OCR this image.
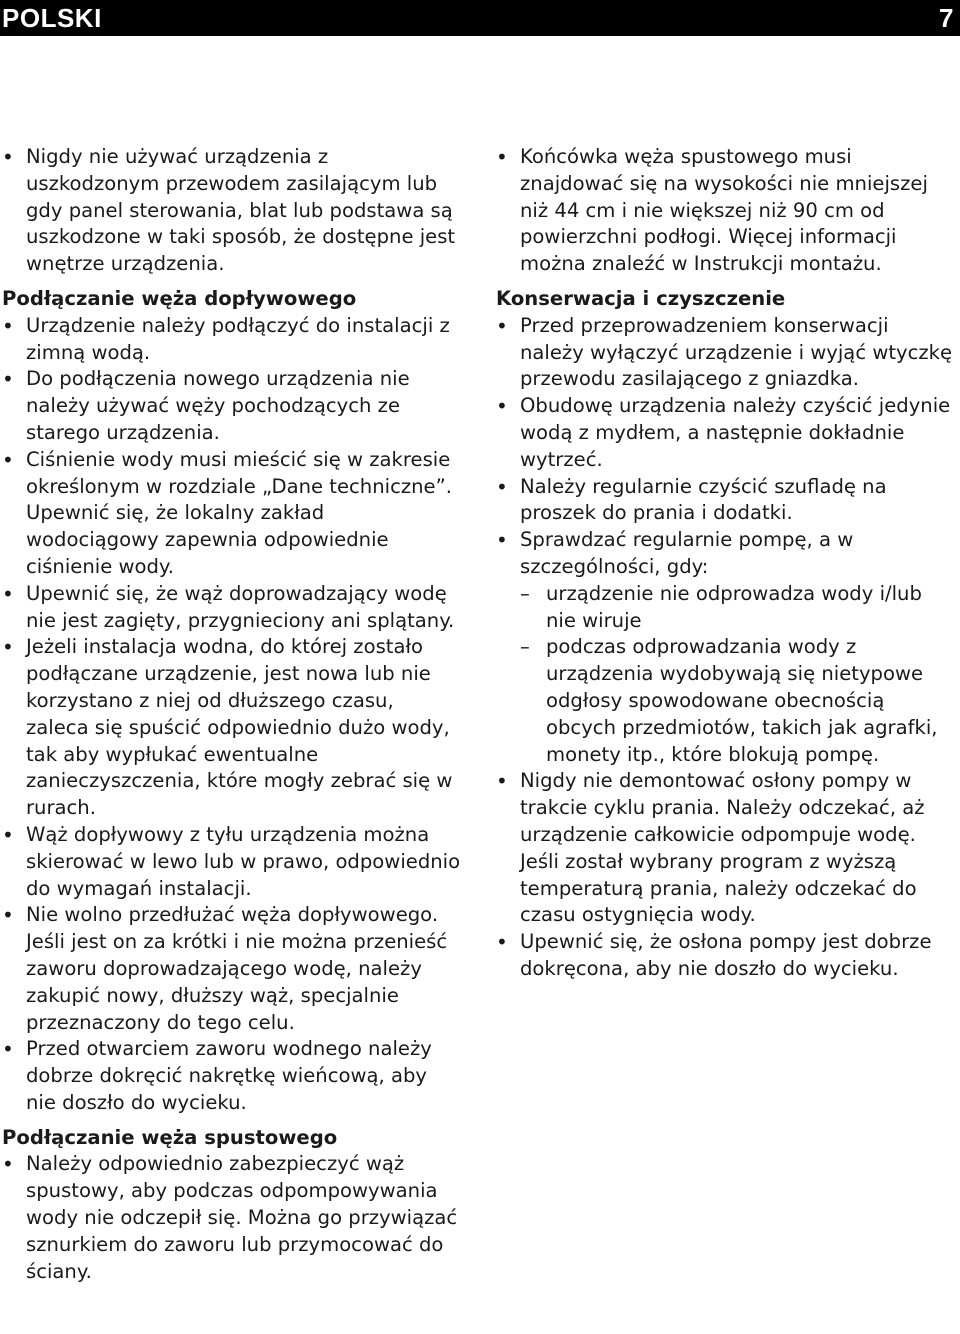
POLSKI	7
• Nigdy nie używać urządzenia z uszkodzonym przewodem zasilającym lub gdy panel sterowania, blat lub podstawa są uszkodzone w taki sposób, że dostępne jest wnętrze urządzenia.
Podłączanie węża dopływowego
• Urządzenie należy podłączyć do instalacji z zimną wodą.
• Do podłączenia nowego urządzenia nie należy używać węży pochodzących ze starego urządzenia.
• Ciśnienie wody musi mieścić się w zakresie określonym w rozdziale „Dane techniczne”. Upewnić się, że lokalny zakład wodociągowy zapewnia odpowiednie ciśnienie wody.
• Upewnić się, że wąż doprowadzający wodę nie jest zagięty, przygnieciony ani splątany.
• Jeżeli instalacja wodna, do której zostało podłączane urządzenie, jest nowa lub nie korzystano z niej od dłuższego czasu, zaleca się spuścić odpowiednio dużo wody, tak aby wypłukać ewentualne zanieczyszczenia, które mogły zebrać się w rurach.
• Wąż dopływowy z tyłu urządzenia można skierować w lewo lub w prawo, odpowiednio do wymagań instalacji.
• Nie wolno przedłużać węża dopływowego. Jeśli jest on za krótki i nie można przenieść zaworu doprowadzającego wodę, należy zakupić nowy, dłuższy wąż, specjalnie przeznaczony do tego celu.
• Przed otwarciem zaworu wodnego należy dobrze dokręcić nakrętkę wieńcową, aby nie doszło do wycieku.
Podłączanie węża spustowego
• Należy odpowiednio zabezpieczyć wąż spustowy, aby podczas odpompowywania wody nie odczepił się. Można go przywiązać sznurkiem do zaworu lub przymocować do ściany.
• Końcówka węża spustowego musi znajdować się na wysokości nie mniejszej niż 44 cm i nie większej niż 90 cm od powierzchni podłogi. Więcej informacji można znaleźć w Instrukcji montażu.
Konserwacja i czyszczenie
• Przed przeprowadzeniem konserwacji należy wyłączyć urządzenie i wyjąć wtyczkę przewodu zasilającego z gniazdka.
• Obudowę urządzenia należy czyścić jedynie wodą z mydłem, a następnie dokładnie wytrzeć.
• Należy regularnie czyścić szufladę na proszek do prania i dodatki.
• Sprawdzać regularnie pompę, a w szczególności, gdy:
– urządzenie nie odprowadza wody i/lub nie wiruje
– podczas odprowadzania wody z urządzenia wydobywają się nietypowe odgłosy spowodowane obecnością obcych przedmiotów, takich jak agrafki, monety itp., które blokują pompę.
• Nigdy nie demontować osłony pompy w trakcie cyklu prania. Należy odczekać, aż urządzenie całkowicie odpompuje wodę. Jeśli został wybrany program z wyższą temperaturą prania, należy odczekać do czasu ostygnięcia wody.
• Upewnić się, że osłona pompy jest dobrze dokręcona, aby nie doszło do wycieku.
